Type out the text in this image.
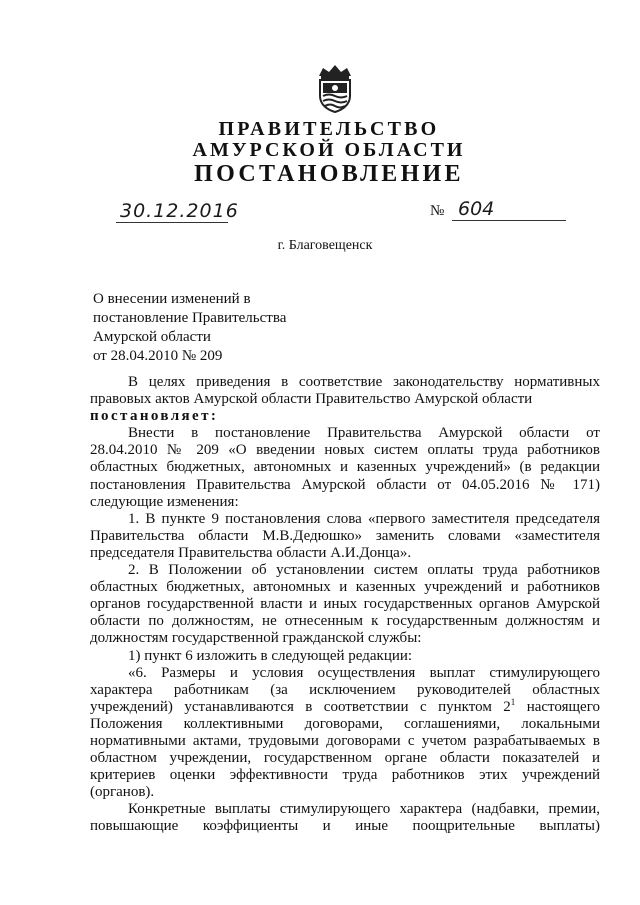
ПРАВИТЕЛЬСТВО
АМУРСКОЙ ОБЛАСТИ
ПОСТАНОВЛЕНИЕ
30.12.2016	№ 604
г. Благовещенск
О внесении изменений в
постановление Правительства
Амурской области
от 28.04.2010 № 209
В целях приведения в соответствие законодательству нормативных
правовых актов Амурской области Правительство Амурской области
постановляет:
Внести в постановление Правительства Амурской области от
28.04.2010 № 209 «О введении новых систем оплаты труда работников
областных бюджетных, автономных и казенных учреждений» (в редакции
постановления Правительства Амурской области от 04.05.2016 № 171)
следующие изменения:
1. В пункте 9 постановления слова «первого заместителя председателя
Правительства области М.В.Дедюшко» заменить словами «заместителя
председателя Правительства области А.И.Донца».
2. В Положении об установлении систем оплаты труда работников
областных бюджетных, автономных и казенных учреждений и работников
органов государственной власти и иных государственных органов Амурской
области по должностям, не отнесенным к государственным должностям и
должностям государственной гражданской службы:
1) пункт 6 изложить в следующей редакции:
«6. Размеры и условия осуществления выплат стимулирующего
характера работникам (за исключением руководителей областных
учреждений) устанавливаются в соответствии с пунктом $2^1$ настоящего
Положения коллективными договорами, соглашениями, локальными
нормативными актами, трудовыми договорами с учетом разрабатываемых в
областном учреждении, государственном органе области показателей и
критериев оценки эффективности труда работников этих учреждений
(органов).
Конкретные выплаты стимулирующего характера (надбавки, премии,
повышающие коэффициенты и иные поощрительные выплаты)
